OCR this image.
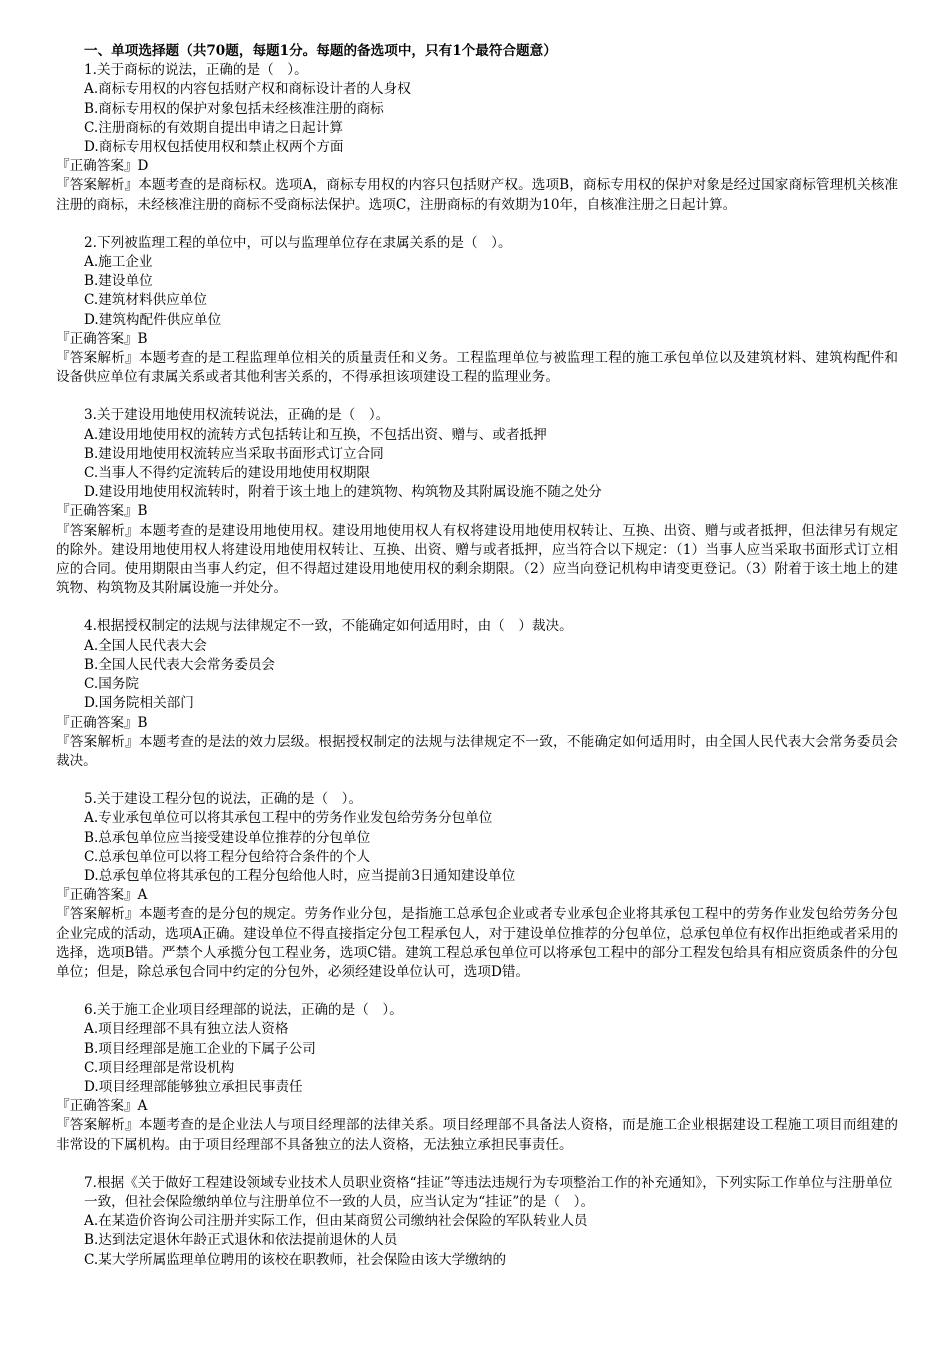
一、单项选择题（共70题，每题1分。每题的备选项中，只有1个最符合题意）
1.关于商标的说法，正确的是（　）。
A.商标专用权的内容包括财产权和商标设计者的人身权
B.商标专用权的保护对象包括未经核准注册的商标
C.注册商标的有效期自提出申请之日起计算
D.商标专用权包括使用权和禁止权两个方面
『正确答案』D
『答案解析』本题考查的是商标权。选项A，商标专用权的内容只包括财产权。选项B，商标专用权的保护对象是经过国家商标管理机关核准注册的商标，未经核准注册的商标不受商标法保护。选项C，注册商标的有效期为10年，自核准注册之日起计算。
2.下列被监理工程的单位中，可以与监理单位存在隶属关系的是（　）。
A.施工企业
B.建设单位
C.建筑材料供应单位
D.建筑构配件供应单位
『正确答案』B
『答案解析』本题考查的是工程监理单位相关的质量责任和义务。工程监理单位与被监理工程的施工承包单位以及建筑材料、建筑构配件和设备供应单位有隶属关系或者其他利害关系的，不得承担该项建设工程的监理业务。
3.关于建设用地使用权流转说法，正确的是（　）。
A.建设用地使用权的流转方式包括转让和互换，不包括出资、赠与、或者抵押
B.建设用地使用权流转应当采取书面形式订立合同
C.当事人不得约定流转后的建设用地使用权期限
D.建设用地使用权流转时，附着于该土地上的建筑物、构筑物及其附属设施不随之处分
『正确答案』B
『答案解析』本题考查的是建设用地使用权。建设用地使用权人有权将建设用地使用权转让、互换、出资、赠与或者抵押，但法律另有规定的除外。建设用地使用权人将建设用地使用权转让、互换、出资、赠与或者抵押，应当符合以下规定：（1）当事人应当采取书面形式订立相应的合同。使用期限由当事人约定，但不得超过建设用地使用权的剩余期限。（2）应当向登记机构申请变更登记。（3）附着于该土地上的建筑物、构筑物及其附属设施一并处分。
4.根据授权制定的法规与法律规定不一致，不能确定如何适用时，由（　）裁决。
A.全国人民代表大会
B.全国人民代表大会常务委员会
C.国务院
D.国务院相关部门
『正确答案』B
『答案解析』本题考查的是法的效力层级。根据授权制定的法规与法律规定不一致，不能确定如何适用时，由全国人民代表大会常务委员会裁决。
5.关于建设工程分包的说法，正确的是（　）。
A.专业承包单位可以将其承包工程中的劳务作业发包给劳务分包单位
B.总承包单位应当接受建设单位推荐的分包单位
C.总承包单位可以将工程分包给符合条件的个人
D.总承包单位将其承包的工程分包给他人时，应当提前3日通知建设单位
『正确答案』A
『答案解析』本题考查的是分包的规定。劳务作业分包，是指施工总承包企业或者专业承包企业将其承包工程中的劳务作业发包给劳务分包企业完成的活动，选项A正确。建设单位不得直接指定分包工程承包人，对于建设单位推荐的分包单位，总承包单位有权作出拒绝或者采用的选择，选项B错。严禁个人承揽分包工程业务，选项C错。建筑工程总承包单位可以将承包工程中的部分工程发包给具有相应资质条件的分包单位；但是，除总承包合同中约定的分包外，必须经建设单位认可，选项D错。
6.关于施工企业项目经理部的说法，正确的是（　）。
A.项目经理部不具有独立法人资格
B.项目经理部是施工企业的下属子公司
C.项目经理部是常设机构
D.项目经理部能够独立承担民事责任
『正确答案』A
『答案解析』本题考查的是企业法人与项目经理部的法律关系。项目经理部不具备法人资格，而是施工企业根据建设工程施工项目而组建的非常设的下属机构。由于项目经理部不具备独立的法人资格，无法独立承担民事责任。
7.根据《关于做好工程建设领域专业技术人员职业资格“挂证”等违法违规行为专项整治工作的补充通知》，下列实际工作单位与注册单位一致，但社会保险缴纳单位与注册单位不一致的人员，应当认定为“挂证”的是（　）。
A.在某造价咨询公司注册并实际工作，但由某商贸公司缴纳社会保险的军队转业人员
B.达到法定退休年龄正式退休和依法提前退休的人员
C.某大学所属监理单位聘用的该校在职教师，社会保险由该大学缴纳的
